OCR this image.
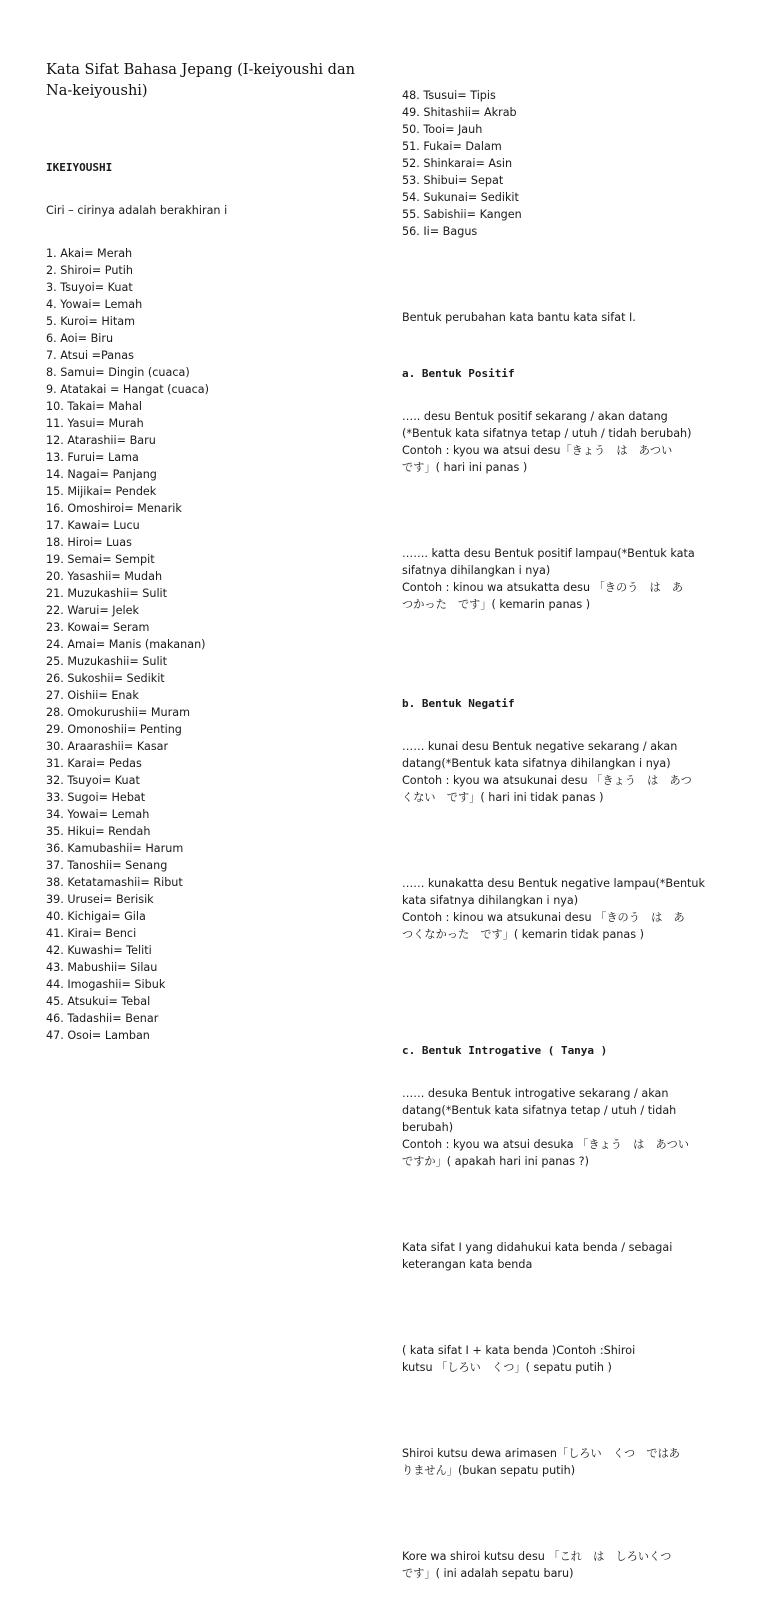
Kata Sifat Bahasa Jepang (I-keiyoushi dan Na-keiyoushi)

IKEIYOUSHI

Ciri – cirinya adalah berakhiran i

1. Akai= Merah
2. Shiroi= Putih
3. Tsuyoi= Kuat
4. Yowai= Lemah
5. Kuroi= Hitam
6. Aoi= Biru
7. Atsui =Panas
8. Samui= Dingin (cuaca)
9. Atatakai = Hangat (cuaca)
10. Takai= Mahal
11. Yasui= Murah
12. Atarashii= Baru
13. Furui= Lama
14. Nagai= Panjang
15. Mijikai= Pendek
16. Omoshiroi= Menarik
17. Kawai= Lucu
18. Hiroi= Luas
19. Semai= Sempit
20. Yasashii= Mudah
21. Muzukashii= Sulit
22. Warui= Jelek
23. Kowai= Seram
24. Amai= Manis (makanan)
25. Muzukashii= Sulit
26. Sukoshii= Sedikit
27. Oishii= Enak
28. Omokurushii= Muram
29. Omonoshii= Penting
30. Araarashii= Kasar
31. Karai= Pedas
32. Tsuyoi= Kuat
33. Sugoi= Hebat
34. Yowai= Lemah
35. Hikui= Rendah
36. Kamubashii= Harum
37. Tanoshii= Senang
38. Ketatamashii= Ribut
39. Urusei= Berisik
40. Kichigai= Gila
41. Kirai= Benci
42. Kuwashi= Teliti
43. Mabushii= Silau
44. Imogashii= Sibuk
45. Atsukui= Tebal
46. Tadashii= Benar
47. Osoi= Lamban

48. Tsusui= Tipis
49. Shitashii= Akrab
50. Tooi= Jauh
51. Fukai= Dalam
52. Shinkarai= Asin
53. Shibui= Sepat
54. Sukunai= Sedikit
55. Sabishii= Kangen
56. Ii= Bagus

Bentuk perubahan kata bantu kata sifat I.

a. Bentuk Positif

….. desu Bentuk positif sekarang / akan datang
(*Bentuk kata sifatnya tetap / utuh / tidah berubah)
Contoh : kyou wa atsui desu「きょう　は　あつい
です」( hari ini panas )

……. katta desu Bentuk positif lampau(*Bentuk kata
sifatnya dihilangkan i nya)
Contoh : kinou wa atsukatta desu 「きのう　は　あ
つかった　です」( kemarin panas )

b. Bentuk Negatif

…… kunai desu Bentuk negative sekarang / akan
datang(*Bentuk kata sifatnya dihilangkan i nya)
Contoh : kyou wa atsukunai desu 「きょう　は　あつ
くない　です」( hari ini tidak panas )

…… kunakatta desu Bentuk negative lampau(*Bentuk
kata sifatnya dihilangkan i nya)
Contoh : kinou wa atsukunai desu 「きのう　は　あ
つくなかった　です」( kemarin tidak panas )

c. Bentuk Introgative ( Tanya )

…… desuka Bentuk introgative sekarang / akan
datang(*Bentuk kata sifatnya tetap / utuh / tidah
berubah)
Contoh : kyou wa atsui desuka 「きょう　は　あつい
ですか」( apakah hari ini panas ?)

Kata sifat I yang didahukui kata benda / sebagai
keterangan kata benda

( kata sifat I + kata benda )Contoh :Shiroi
kutsu 「しろい　くつ」( sepatu putih )

Shiroi kutsu dewa arimasen「しろい　くつ　ではあ
りません」(bukan sepatu putih)

Kore wa shiroi kutsu desu 「これ　は　しろいくつ
です」( ini adalah sepatu baru)
